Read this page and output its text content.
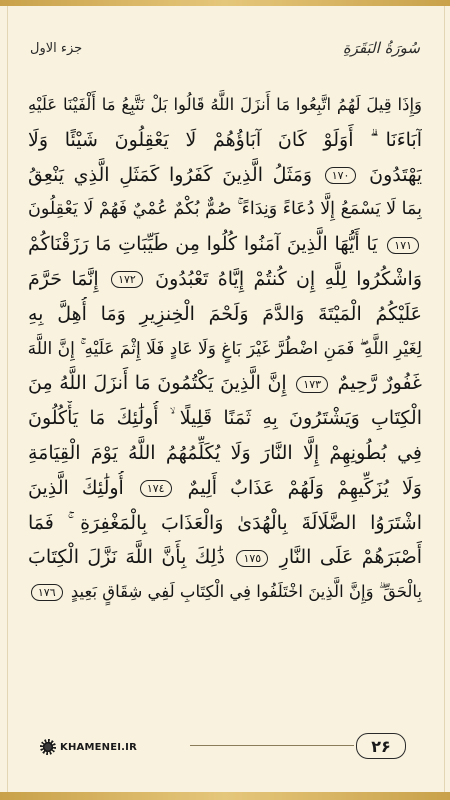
جزء الاول	سُورَةُ البَقَرَةِ
وَإِذَا قِيلَ لَهُمُ اتَّبِعُوا مَا أَنزَلَ اللَّهُ قَالُوا بَلْ نَتَّبِعُ مَا أَلْفَيْنَا عَلَيْهِ
آبَاءَنَا ۗ أَوَلَوْ كَانَ آبَاؤُهُمْ لَا يَعْقِلُونَ شَيْئًا وَلَا
يَهْتَدُونَ ١٧٠ وَمَثَلُ الَّذِينَ كَفَرُوا كَمَثَلِ الَّذِي يَنْعِقُ
بِمَا لَا يَسْمَعُ إِلَّا دُعَاءً وَنِدَاءً ۚ صُمٌّ بُكْمٌ عُمْيٌ فَهُمْ لَا يَعْقِلُونَ
١٧١ يَا أَيُّهَا الَّذِينَ آمَنُوا كُلُوا مِن طَيِّبَاتِ مَا رَزَقْنَاكُمْ
وَاشْكُرُوا لِلَّهِ إِن كُنتُمْ إِيَّاهُ تَعْبُدُونَ ١٧٢ إِنَّمَا حَرَّمَ
عَلَيْكُمُ الْمَيْتَةَ وَالدَّمَ وَلَحْمَ الْخِنزِيرِ وَمَا أُهِلَّ بِهِ
لِغَيْرِ اللَّهِ ۖ فَمَنِ اضْطُرَّ غَيْرَ بَاغٍ وَلَا عَادٍ فَلَا إِثْمَ عَلَيْهِ ۚ إِنَّ اللَّهَ
غَفُورٌ رَّحِيمٌ ١٧٣ إِنَّ الَّذِينَ يَكْتُمُونَ مَا أَنزَلَ اللَّهُ مِنَ
الْكِتَابِ وَيَشْتَرُونَ بِهِ ثَمَنًا قَلِيلًا ۙ أُولَٰئِكَ مَا يَأْكُلُونَ
فِي بُطُونِهِمْ إِلَّا النَّارَ وَلَا يُكَلِّمُهُمُ اللَّهُ يَوْمَ الْقِيَامَةِ
وَلَا يُزَكِّيهِمْ وَلَهُمْ عَذَابٌ أَلِيمٌ ١٧٤ أُولَٰئِكَ الَّذِينَ
اشْتَرَوُا الضَّلَالَةَ بِالْهُدَىٰ وَالْعَذَابَ بِالْمَغْفِرَةِ ۚ فَمَا
أَصْبَرَهُمْ عَلَى النَّارِ ١٧٥ ذَٰلِكَ بِأَنَّ اللَّهَ نَزَّلَ الْكِتَابَ
بِالْحَقِّ ۗ وَإِنَّ الَّذِينَ اخْتَلَفُوا فِي الْكِتَابِ لَفِي شِقَاقٍ بَعِيدٍ ١٧٦
KHAMENEI.IR	۲۶
